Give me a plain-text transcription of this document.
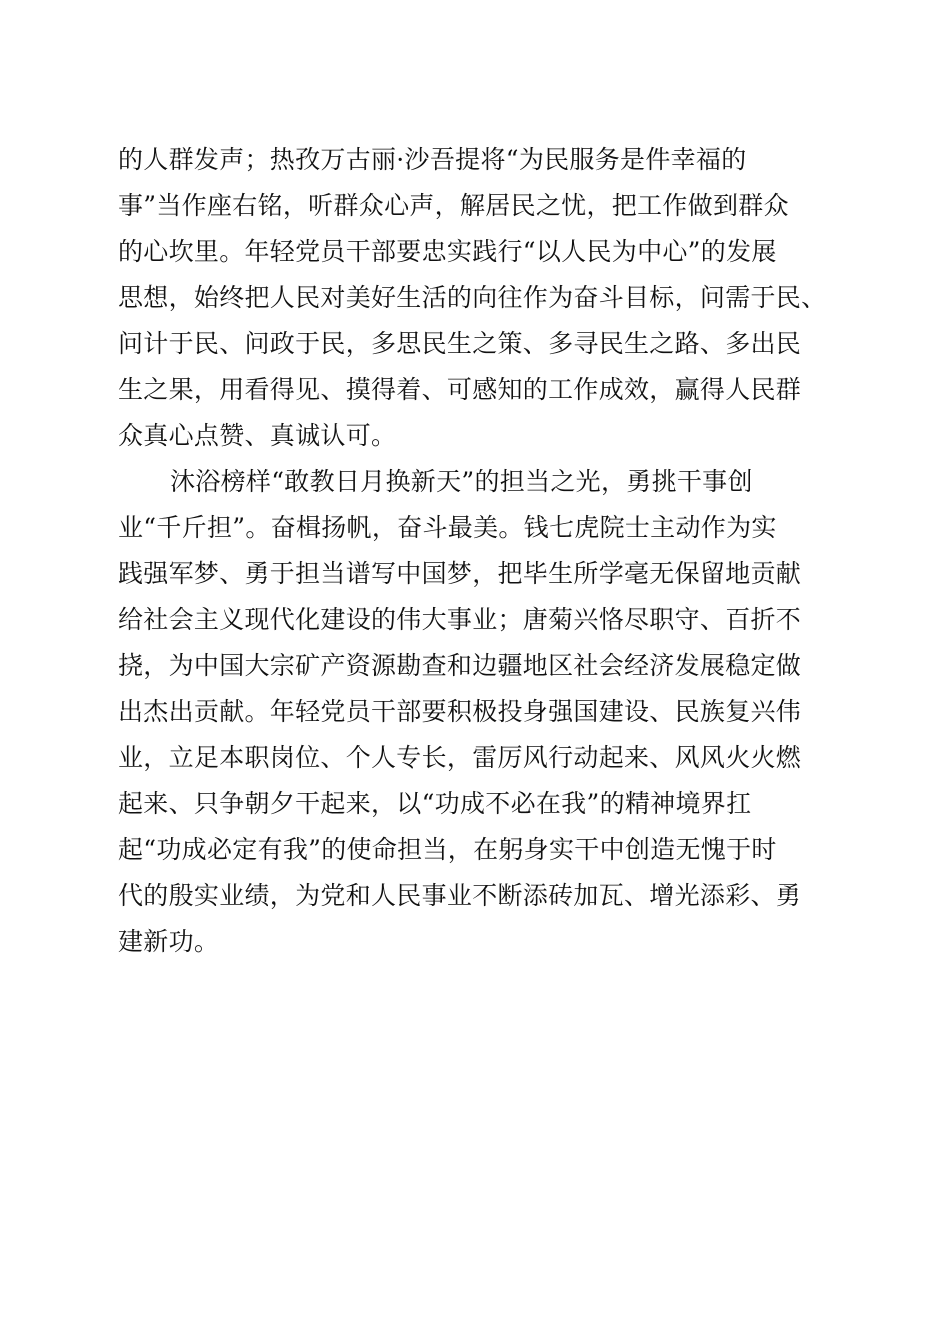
的人群发声；热孜万古丽·沙吾提将“为民服务是件幸福的
事”当作座右铭，听群众心声，解居民之忧，把工作做到群众
的心坎里。年轻党员干部要忠实践行“以人民为中心”的发展
思想，始终把人民对美好生活的向往作为奋斗目标，问需于民、
问计于民、问政于民，多思民生之策、多寻民生之路、多出民
生之果，用看得见、摸得着、可感知的工作成效，赢得人民群
众真心点赞、真诚认可。
沐浴榜样“敢教日月换新天”的担当之光，勇挑干事创
业“千斤担”。奋楫扬帆，奋斗最美。钱七虎院士主动作为实
践强军梦、勇于担当谱写中国梦，把毕生所学毫无保留地贡献
给社会主义现代化建设的伟大事业；唐菊兴恪尽职守、百折不
挠，为中国大宗矿产资源勘查和边疆地区社会经济发展稳定做
出杰出贡献。年轻党员干部要积极投身强国建设、民族复兴伟
业，立足本职岗位、个人专长，雷厉风行动起来、风风火火燃
起来、只争朝夕干起来，以“功成不必在我”的精神境界扛
起“功成必定有我”的使命担当，在躬身实干中创造无愧于时
代的殷实业绩，为党和人民事业不断添砖加瓦、增光添彩、勇
建新功。
